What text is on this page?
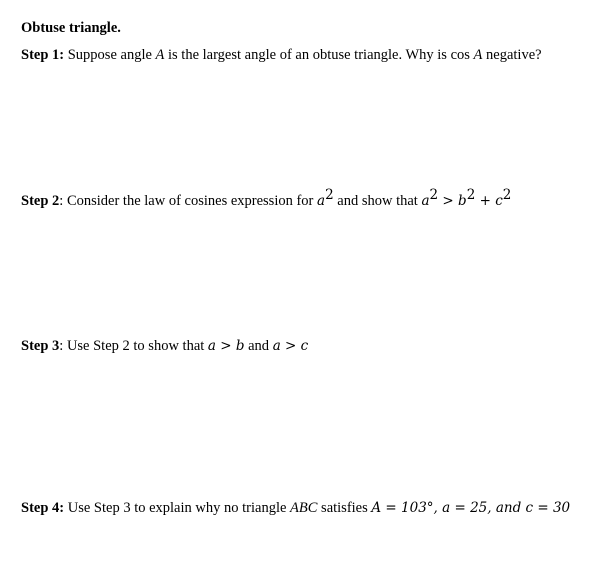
Obtuse triangle.
Step 1: Suppose angle A is the largest angle of an obtuse triangle. Why is cos A negative?
Step 2: Consider the law of cosines expression for $a^2$ and show that $a^2 > b^2 + c^2$
Step 3: Use Step 2 to show that a > b and a > c
Step 4: Use Step 3 to explain why no triangle ABC satisfies A = 103°, a = 25, and c = 30
